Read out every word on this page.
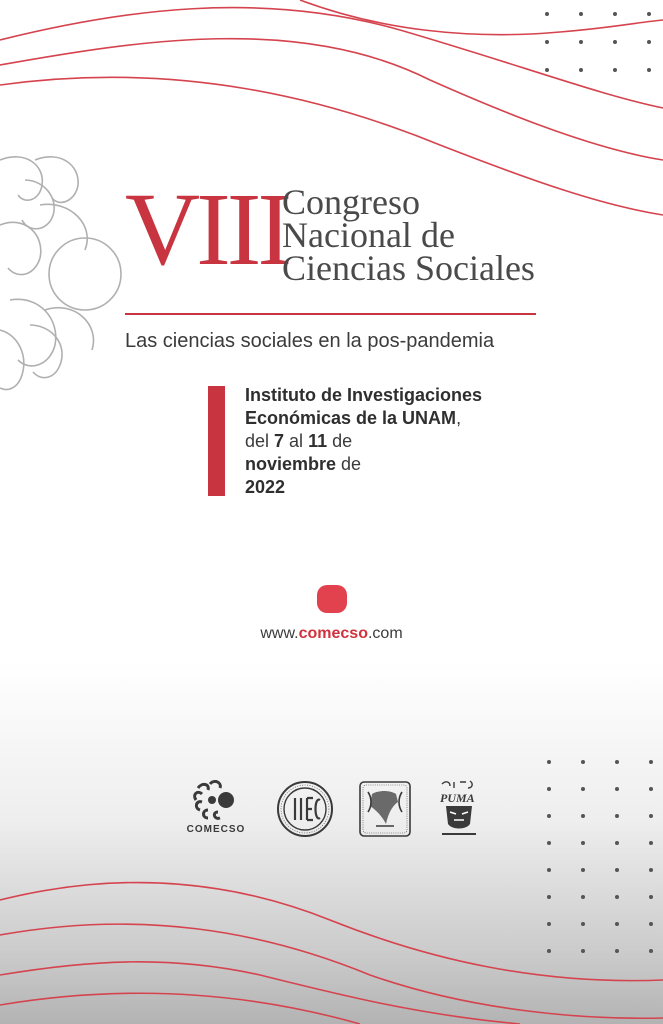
VIII
Congreso
Nacional de
Ciencias Sociales
Las ciencias sociales en la pos-pandemia
Instituto de Investigaciones
Económicas de la UNAM,
del 7 al 11 de
noviembre de
2022
www.comecso.com
COMECSO
PUMA
